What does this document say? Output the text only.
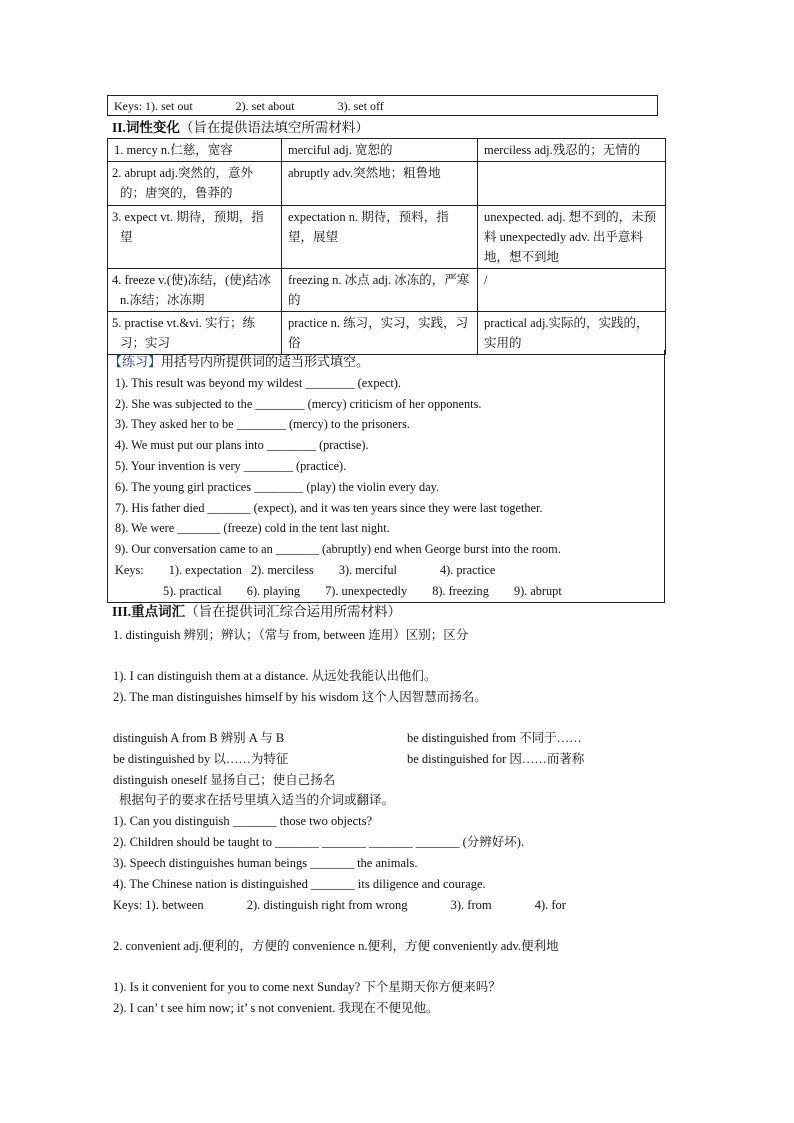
Keys: 1). set out	2). set about	3). set off
II.词性变化（旨在提供语法填空所需材料）
1. mercy n.仁慈，宽容	merciful adj. 宽恕的	merciless adj.残忍的；无情的
2. abrupt adj.突然的，意外的；唐突的，鲁莽的	abruptly adv.突然地；粗鲁地	
3. expect vt. 期待，预期，指望	expectation n. 期待，预料，指望，展望	unexpected. adj. 想不到的，未预料 unexpectedly adv. 出乎意料地，想不到地
4. freeze v.(使)冻结，(使)结冰 n.冻结；冰冻期	freezing n. 冰点 adj. 冰冻的，严寒的	/
5. practise vt.&vi. 实行；练习；实习	practice n. 练习，实习，实践，习俗	practical adj.实际的，实践的，实用的
【练习】用括号内所提供词的适当形式填空。
1). This result was beyond my wildest ________ (expect).
2). She was subjected to the ________ (mercy) criticism of her opponents.
3). They asked her to be ________ (mercy) to the prisoners.
4). We must put our plans into ________ (practise).
5). Your invention is very ________ (practice).
6). The young girl practices ________ (play) the violin every day.
7). His father died _______ (expect), and it was ten years since they were last together.
8). We were _______ (freeze) cold in the tent last night.
9). Our conversation came to an _______ (abruptly) end when George burst into the room.
Keys: 1). expectation 2). merciless 3). merciful	4). practice
5). practical 6). playing 7). unexpectedly 8). freezing 9). abrupt
III.重点词汇（旨在提供词汇综合运用所需材料）
1. distinguish 辨别；辨认；（常与 from, between 连用）区别；区分
1). I can distinguish them at a distance. 从远处我能认出他们。
2). The man distinguishes himself by his wisdom 这个人因智慧而扬名。
distinguish A from B 辨别 A 与 B	be distinguished from 不同于……
be distinguished by 以……为特征	be distinguished for 因……而著称
distinguish oneself 显扬自己；使自己扬名
根据句子的要求在括号里填入适当的介词或翻译。
1). Can you distinguish _______ those two objects?
2). Children should be taught to _______ _______ _______ _______ (分辨好坏).
3). Speech distinguishes human beings _______ the animals.
4). The Chinese nation is distinguished _______ its diligence and courage.
Keys: 1). between	2). distinguish right from wrong	3). from	4). for
2. convenient adj.便利的，方便的 convenience n.便利，方便 conveniently adv.便利地
1). Is it convenient for you to come next Sunday? 下个星期天你方便来吗？
2). I can’ t see him now; it’ s not convenient. 我现在不便见他。
